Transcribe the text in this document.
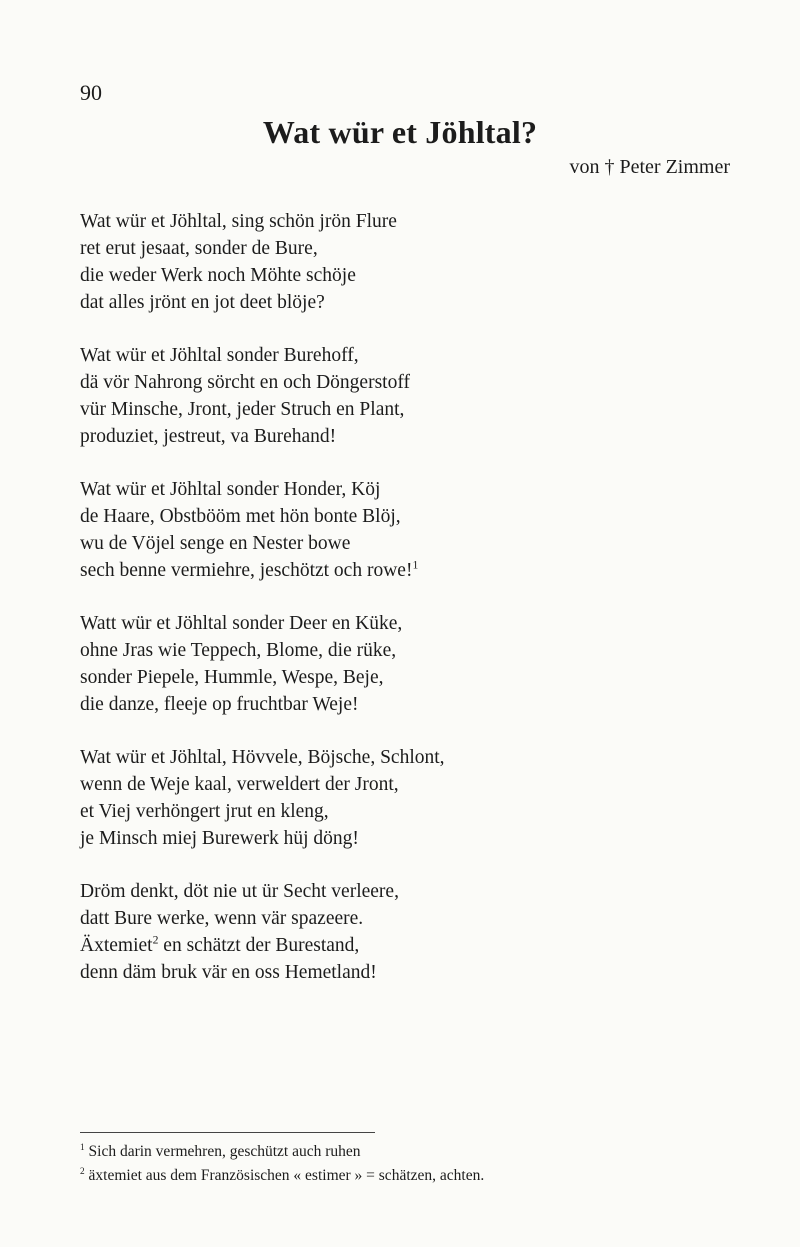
90
Wat wür et Jöhltal?
von † Peter Zimmer
Wat wür et Jöhltal, sing schön jrön Flure
ret erut jesaat, sonder de Bure,
die weder Werk noch Möhte schöje
dat alles jrönt en jot deet blöje?
Wat wür et Jöhltal sonder Burehoff,
dä vör Nahrong sörcht en och Döngerstoff
vür Minsche, Jront, jeder Struch en Plant,
produziet, jestreut, va Burehand!
Wat wür et Jöhltal sonder Honder, Köj
de Haare, Obstbööm met hön bonte Blöj,
wu de Vöjel senge en Nester bowe
sech benne vermiehre, jeschötzt och rowe!$^1$
Watt wür et Jöhltal sonder Deer en Küke,
ohne Jras wie Teppech, Blome, die rüke,
sonder Piepele, Hummle, Wespe, Beje,
die danze, fleeje op fruchtbar Weje!
Wat wür et Jöhltal, Hövvele, Böjsche, Schlont,
wenn de Weje kaal, verweldert der Jront,
et Viej verhöngert jrut en kleng,
je Minsch miej Burewerk hüj döng!
Dröm denkt, döt nie ut ür Secht verleere,
datt Bure werke, wenn vär spazeere.
Äxtemiet$^2$ en schätzt der Burestand,
denn däm bruk vär en oss Hemetland!
$^1$ Sich darin vermehren, geschützt auch ruhen
$^2$ äxtemiet aus dem Französischen « estimer » = schätzen, achten.
